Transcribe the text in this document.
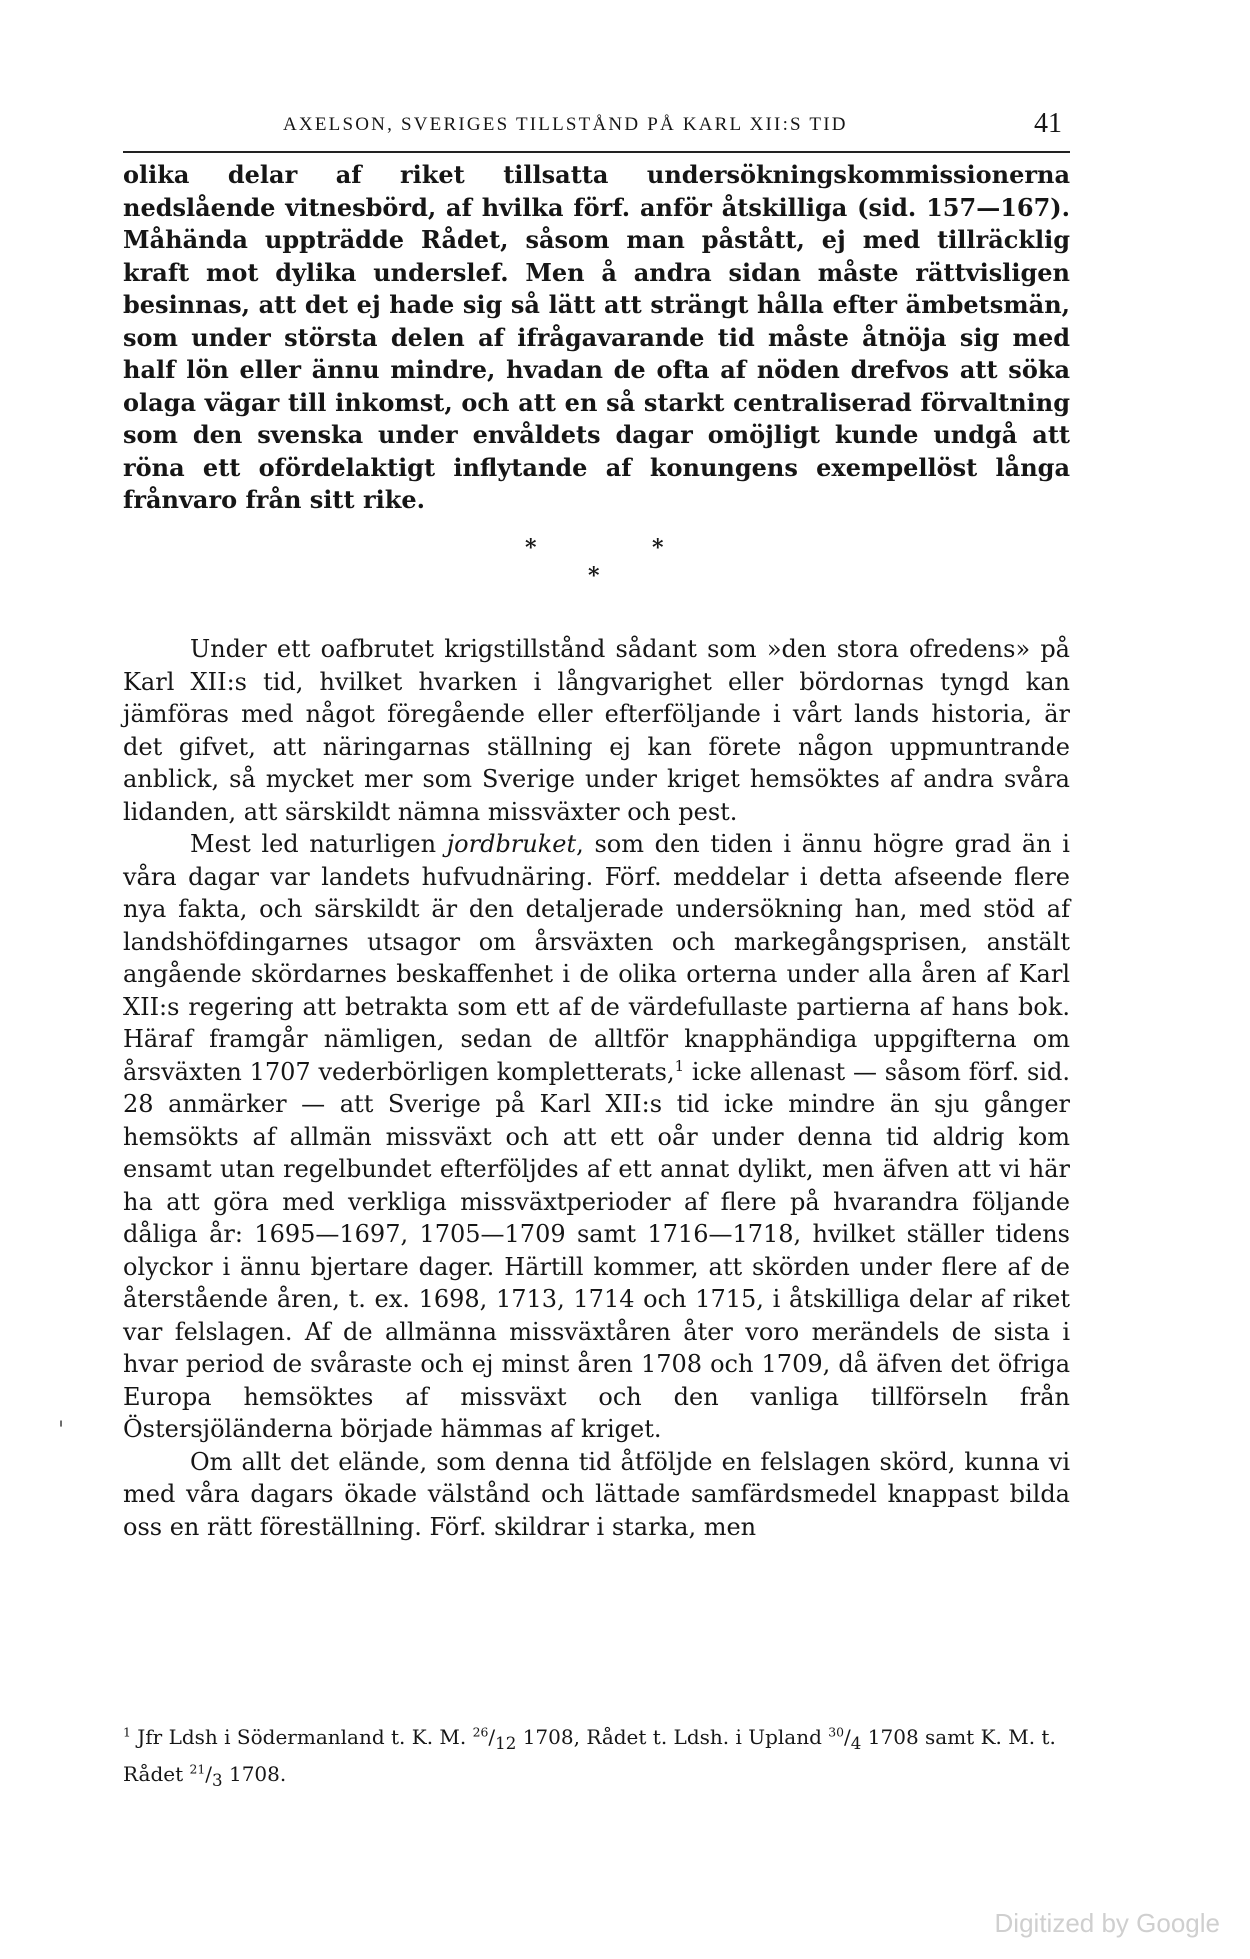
AXELSON, SVERIGES TILLSTÅND PÅ KARL XII:S TID	41

olika delar af riket tillsatta undersökningskommissionerna nedslående vitnesbörd, af hvilka förf. anför åtskilliga (sid. 157—167). Måhända uppträdde Rådet, såsom man påstått, ej med tillräcklig kraft mot dylika underslef. Men å andra sidan måste rättvisligen besinnas, att det ej hade sig så lätt att strängt hålla efter ämbetsmän, som under största delen af ifrågavarande tid måste åtnöja sig med half lön eller ännu mindre, hvadan de ofta af nöden drefvos att söka olaga vägar till inkomst, och att en så starkt centraliserad förvaltning som den svenska under envåldets dagar omöjligt kunde undgå att röna ett ofördelaktigt inflytande af konungens exempellöst långa frånvaro från sitt rike.

*	*
*

Under ett oafbrutet krigstillstånd sådant som »den stora ofredens» på Karl XII:s tid, hvilket hvarken i långvarighet eller bördornas tyngd kan jämföras med något föregående eller efterföljande i vårt lands historia, är det gifvet, att näringarnas ställning ej kan förete någon uppmuntrande anblick, så mycket mer som Sverige under kriget hemsöktes af andra svåra lidanden, att särskildt nämna missväxter och pest.

Mest led naturligen jordbruket, som den tiden i ännu högre grad än i våra dagar var landets hufvudnäring. Förf. meddelar i detta afseende flere nya fakta, och särskildt är den detaljerade undersökning han, med stöd af landshöfdingarnes utsagor om årsväxten och markegångsprisen, anstält angående skördarnes beskaffenhet i de olika orterna under alla åren af Karl XII:s regering att betrakta som ett af de värdefullaste partierna af hans bok. Häraf framgår nämligen, sedan de alltför knapphändiga uppgifterna om årsväxten 1707 vederbörligen kompletterats,$^1$ icke allenast — såsom förf. sid. 28 anmärker — att Sverige på Karl XII:s tid icke mindre än sju gånger hemsökts af allmän missväxt och att ett oår under denna tid aldrig kom ensamt utan regelbundet efterföljdes af ett annat dylikt, men äfven att vi här ha att göra med verkliga missväxtperioder af flere på hvarandra följande dåliga år: 1695—1697, 1705—1709 samt 1716—1718, hvilket ställer tidens olyckor i ännu bjertare dager. Härtill kommer, att skörden under flere af de återstående åren, t. ex. 1698, 1713, 1714 och 1715, i åtskilliga delar af riket var felslagen. Af de allmänna missväxtåren åter voro merändels de sista i hvar period de svåraste och ej minst åren 1708 och 1709, då äfven det öfriga Europa hemsöktes af missväxt och den vanliga tillförseln från Östersjöländerna började hämmas af kriget.

Om allt det elände, som denna tid åtföljde en felslagen skörd, kunna vi med våra dagars ökade välstånd och lättade samfärdsmedel knappast bilda oss en rätt föreställning. Förf. skildrar i starka, men

$^1$ Jfr Ldsh i Södermanland t. K. M. $^{26}/_{12}$ 1708, Rådet t. Ldsh. i Upland $^{30}/_4$ 1708 samt K. M. t. Rådet $^{21}/_3$ 1708.

'
Digitized by Google
